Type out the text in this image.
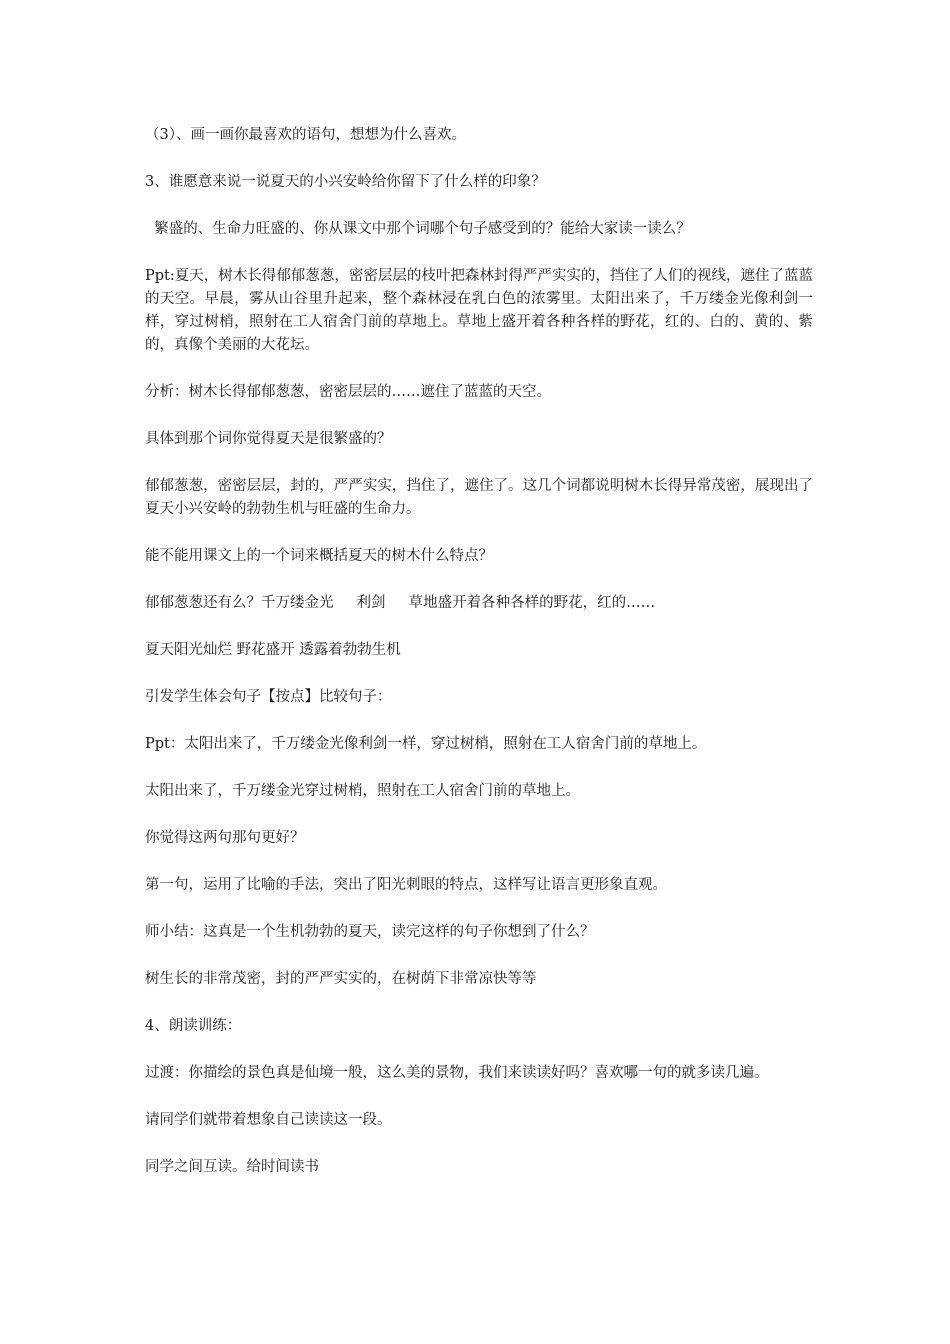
（3）、画一画你最喜欢的语句，想想为什么喜欢。

3、谁愿意来说一说夏天的小兴安岭给你留下了什么样的印象？

繁盛的、生命力旺盛的、你从课文中那个词哪个句子感受到的？能给大家读一读么？

Ppt:夏天，树木长得郁郁葱葱，密密层层的枝叶把森林封得严严实实的，挡住了人们的视线，遮住了蓝蓝的天空。早晨，雾从山谷里升起来，整个森林浸在乳白色的浓雾里。太阳出来了，千万缕金光像利剑一样，穿过树梢，照射在工人宿舍门前的草地上。草地上盛开着各种各样的野花，红的、白的、黄的、紫的，真像个美丽的大花坛。

分析：树木长得郁郁葱葱，密密层层的……遮住了蓝蓝的天空。

具体到那个词你觉得夏天是很繁盛的？

郁郁葱葱，密密层层，封的，严严实实，挡住了，遮住了。这几个词都说明树木长得异常茂密，展现出了夏天小兴安岭的勃勃生机与旺盛的生命力。

能不能用课文上的一个词来概括夏天的树木什么特点？

郁郁葱葱还有么？千万缕金光     利剑     草地盛开着各种各样的野花，红的……

夏天阳光灿烂 野花盛开 透露着勃勃生机

引发学生体会句子【按点】比较句子：

Ppt：太阳出来了，千万缕金光像利剑一样，穿过树梢，照射在工人宿舍门前的草地上。

太阳出来了，千万缕金光穿过树梢，照射在工人宿舍门前的草地上。

你觉得这两句那句更好？

第一句，运用了比喻的手法，突出了阳光刺眼的特点，这样写让语言更形象直观。

师小结：这真是一个生机勃勃的夏天，读完这样的句子你想到了什么？

树生长的非常茂密，封的严严实实的，在树荫下非常凉快等等

4、朗读训练：

过渡：你描绘的景色真是仙境一般，这么美的景物，我们来读读好吗？喜欢哪一句的就多读几遍。

请同学们就带着想象自己读读这一段。

同学之间互读。给时间读书
